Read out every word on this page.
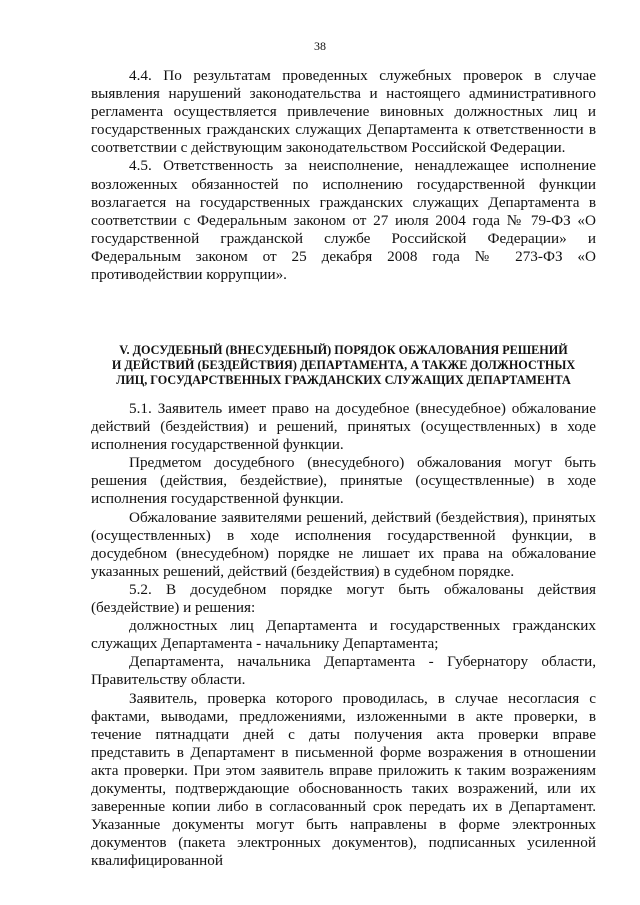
38

4.4. По результатам проведенных служебных проверок в случае выявления нарушений законодательства и настоящего административного регламента осуществляется привлечение виновных должностных лиц и государственных гражданских служащих Департамента к ответственности в соответствии с действующим законодательством Российской Федерации.

4.5. Ответственность за неисполнение, ненадлежащее исполнение возложенных обязанностей по исполнению государственной функции возлагается на государственных гражданских служащих Департамента в соответствии с Федеральным законом от 27 июля 2004 года № 79-ФЗ «О государственной гражданской службе Российской Федерации» и Федеральным законом от 25 декабря 2008 года № 273-ФЗ «О противодействии коррупции».

V. ДОСУДЕБНЫЙ (ВНЕСУДЕБНЫЙ) ПОРЯДОК ОБЖАЛОВАНИЯ РЕШЕНИЙ
И ДЕЙСТВИЙ (БЕЗДЕЙСТВИЯ) ДЕПАРТАМЕНТА, А ТАКЖЕ ДОЛЖНОСТНЫХ
ЛИЦ, ГОСУДАРСТВЕННЫХ ГРАЖДАНСКИХ СЛУЖАЩИХ ДЕПАРТАМЕНТА

5.1. Заявитель имеет право на досудебное (внесудебное) обжалование действий (бездействия) и решений, принятых (осуществленных) в ходе исполнения государственной функции.

Предметом досудебного (внесудебного) обжалования могут быть решения (действия, бездействие), принятые (осуществленные) в ходе исполнения государственной функции.

Обжалование заявителями решений, действий (бездействия), принятых (осуществленных) в ходе исполнения государственной функции, в досудебном (внесудебном) порядке не лишает их права на обжалование указанных решений, действий (бездействия) в судебном порядке.

5.2. В досудебном порядке могут быть обжалованы действия (бездействие) и решения:

должностных лиц Департамента и государственных гражданских служащих Департамента - начальнику Департамента;

Департамента, начальника Департамента - Губернатору области, Правительству области.

Заявитель, проверка которого проводилась, в случае несогласия с фактами, выводами, предложениями, изложенными в акте проверки, в течение пятнадцати дней с даты получения акта проверки вправе представить в Департамент в письменной форме возражения в отношении акта проверки. При этом заявитель вправе приложить к таким возражениям документы, подтверждающие обоснованность таких возражений, или их заверенные копии либо в согласованный срок передать их в Департамент. Указанные документы могут быть направлены в форме электронных документов (пакета электронных документов), подписанных усиленной квалифицированной
